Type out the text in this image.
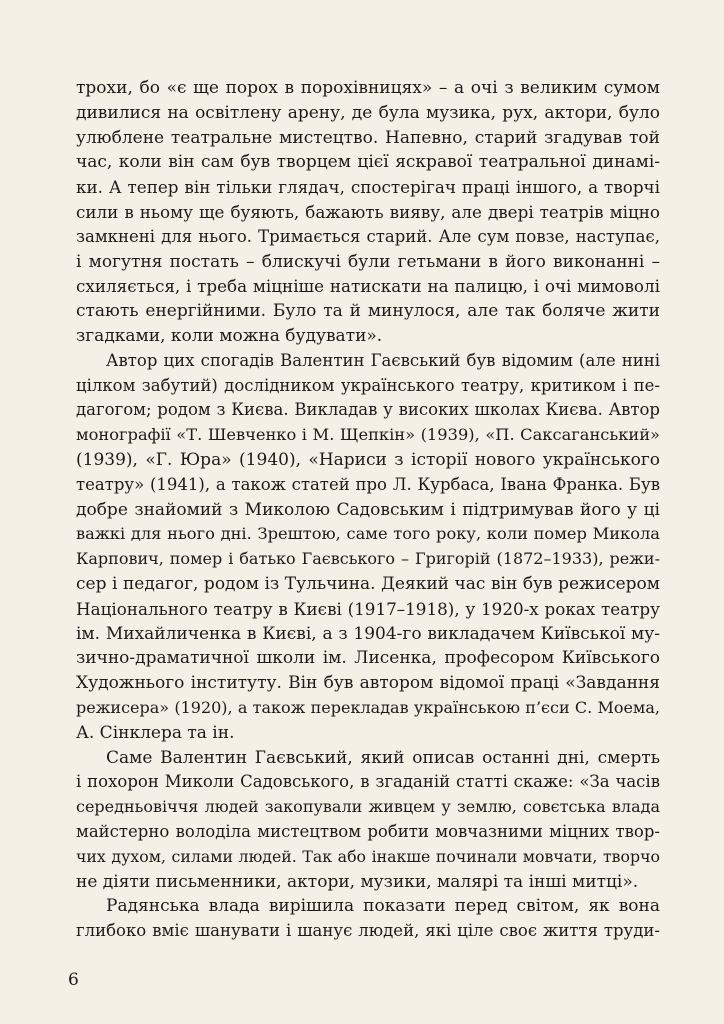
трохи, бо «є ще порох в порохівницях» – а очі з великим сумом
дивилися на освітлену арену, де була музика, рух, актори, було
улюблене театральне мистецтво. Напевно, старий згадував той
час, коли він сам був творцем цієї яскравої театральної динамі-
ки. А тепер він тільки глядач, спостерігач праці іншого, а творчі
сили в ньому ще буяють, бажають вияву, але двері театрів міцно
замкнені для нього. Тримається старий. Але сум повзе, наступає,
і могутня постать – блискучі були гетьмани в його виконанні –
схиляється, і треба міцніше натискати на палицю, і очі мимоволі
стають енергійними. Було та й минулося, але так боляче жити
згадками, коли можна будувати».
Автор цих спогадів Валентин Гаєвський був відомим (але нині
цілком забутий) дослідником українського театру, критиком і пе-
дагогом; родом з Києва. Викладав у високих школах Києва. Автор
монографії «Т. Шевченко і М. Щепкін» (1939), «П. Саксаганський»
(1939), «Г. Юра» (1940), «Нариси з історії нового українського
театру» (1941), а також статей про Л. Курбаса, Івана Франка. Був
добре знайомий з Миколою Садовським і підтримував його у ці
важкі для нього дні. Зрештою, саме того року, коли помер Микола
Карпович, помер і батько Гаєвського – Григорій (1872–1933), режи-
сер і педагог, родом із Тульчина. Деякий час він був режисером
Національного театру в Києві (1917–1918), у 1920-х роках театру
ім. Михайличенка в Києві, а з 1904-го викладачем Київської му-
зично-драматичної школи ім. Лисенка, професором Київського
Художнього інституту. Він був автором відомої праці «Завдання
режисера» (1920), а також перекладав українською п’єси С. Моема,
А. Сінклера та ін.
Саме Валентин Гаєвський, який описав останні дні, смерть
і похорон Миколи Садовського, в згаданій статті скаже: «За часів
середньовіччя людей закопували живцем у землю, совєтська влада
майстерно володіла мистецтвом робити мовчазними міцних твор-
чих духом, силами людей. Так або інакше починали мовчати, творчо
не діяти письменники, актори, музики, малярі та інші митці».
Радянська влада вирішила показати перед світом, як вона
глибоко вміє шанувати і шанує людей, які ціле своє життя труди-
6
